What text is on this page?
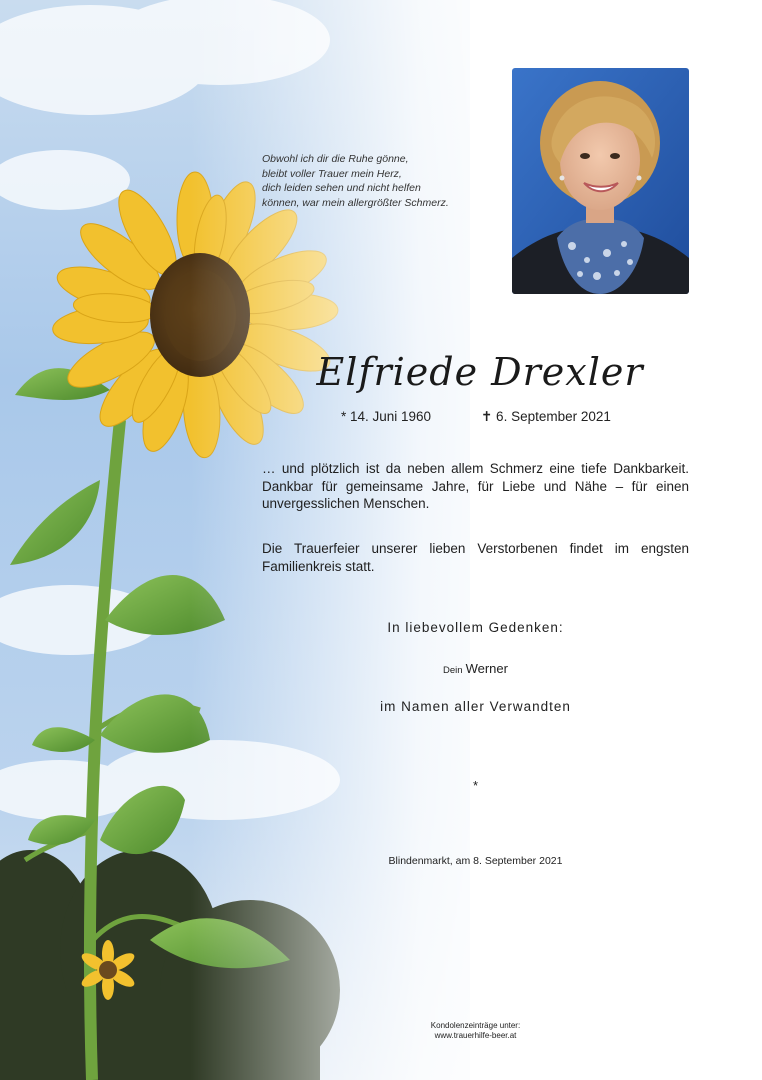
Obwohl ich dir die Ruhe gönne,
bleibt voller Trauer mein Herz,
dich leiden sehen und nicht helfen
können, war mein allergrößter Schmerz.
Elfriede Drexler
* 14. Juni 1960	✝ 6. September 2021
… und plötzlich ist da neben allem Schmerz eine tiefe Dankbarkeit. Dankbar für gemeinsame Jahre, für Liebe und Nähe – für einen unvergesslichen Menschen.
Die Trauerfeier unserer lieben Verstorbenen findet im engsten Familienkreis statt.
In liebevollem Gedenken:
Dein Werner
im Namen aller Verwandten
*
Blindenmarkt, am 8. September 2021
Kondolenzeinträge unter:
www.trauerhilfe-beer.at
